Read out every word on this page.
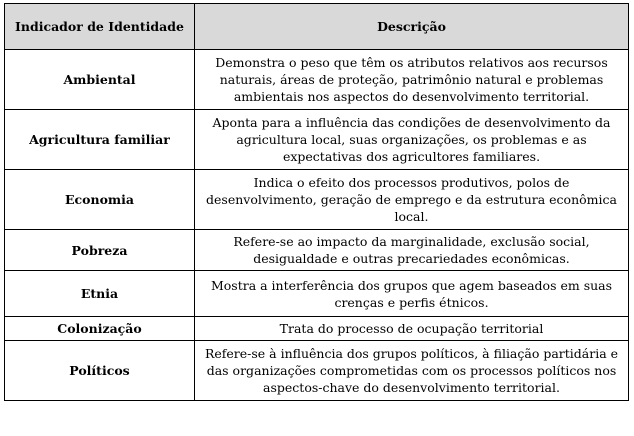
Indicador de Identidade	Descrição
Ambiental	Demonstra o peso que têm os atributos relativos aos recursos naturais, áreas de proteção, patrimônio natural e problemas ambientais nos aspectos do desenvolvimento territorial.
Agricultura familiar	Aponta para a influência das condições de desenvolvimento da agricultura local, suas organizações, os problemas e as expectativas dos agricultores familiares.
Economia	Indica o efeito dos processos produtivos, polos de desenvolvimento, geração de emprego e da estrutura econômica local.
Pobreza	Refere-se ao impacto da marginalidade, exclusão social, desigualdade e outras precariedades econômicas.
Etnia	Mostra a interferência dos grupos que agem baseados em suas crenças e perfis étnicos.
Colonização	Trata do processo de ocupação territorial
Políticos	Refere-se à influência dos grupos políticos, à filiação partidária e das organizações comprometidas com os processos políticos nos aspectos-chave do desenvolvimento territorial.
